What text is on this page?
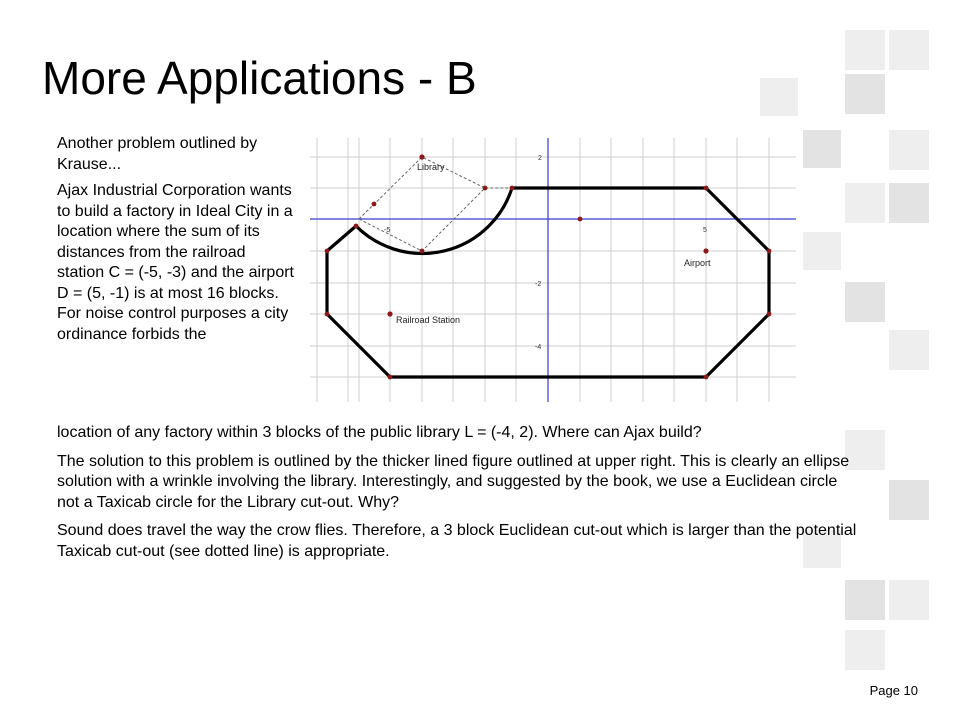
More Applications - B

Another problem outlined by Krause...

Ajax Industrial Corporation wants to build a factory in Ideal City in a location where the sum of its distances from the railroad station C = (-5, -3) and the airport D = (5, -1) is at most 16 blocks. For noise control purposes a city ordinance forbids the

-5	5
2
-2
-4
Library
Airport
Railroad Station

location of any factory within 3 blocks of the public library L = (-4, 2). Where can Ajax build?

The solution to this problem is outlined by the thicker lined figure outlined at upper right. This is clearly an ellipse solution with a wrinkle involving the library. Interestingly, and suggested by the book, we use a Euclidean circle not a Taxicab circle for the Library cut-out. Why?

Sound does travel the way the crow flies. Therefore, a 3 block Euclidean cut-out which is larger than the potential Taxicab cut-out (see dotted line) is appropriate.

Page 10
